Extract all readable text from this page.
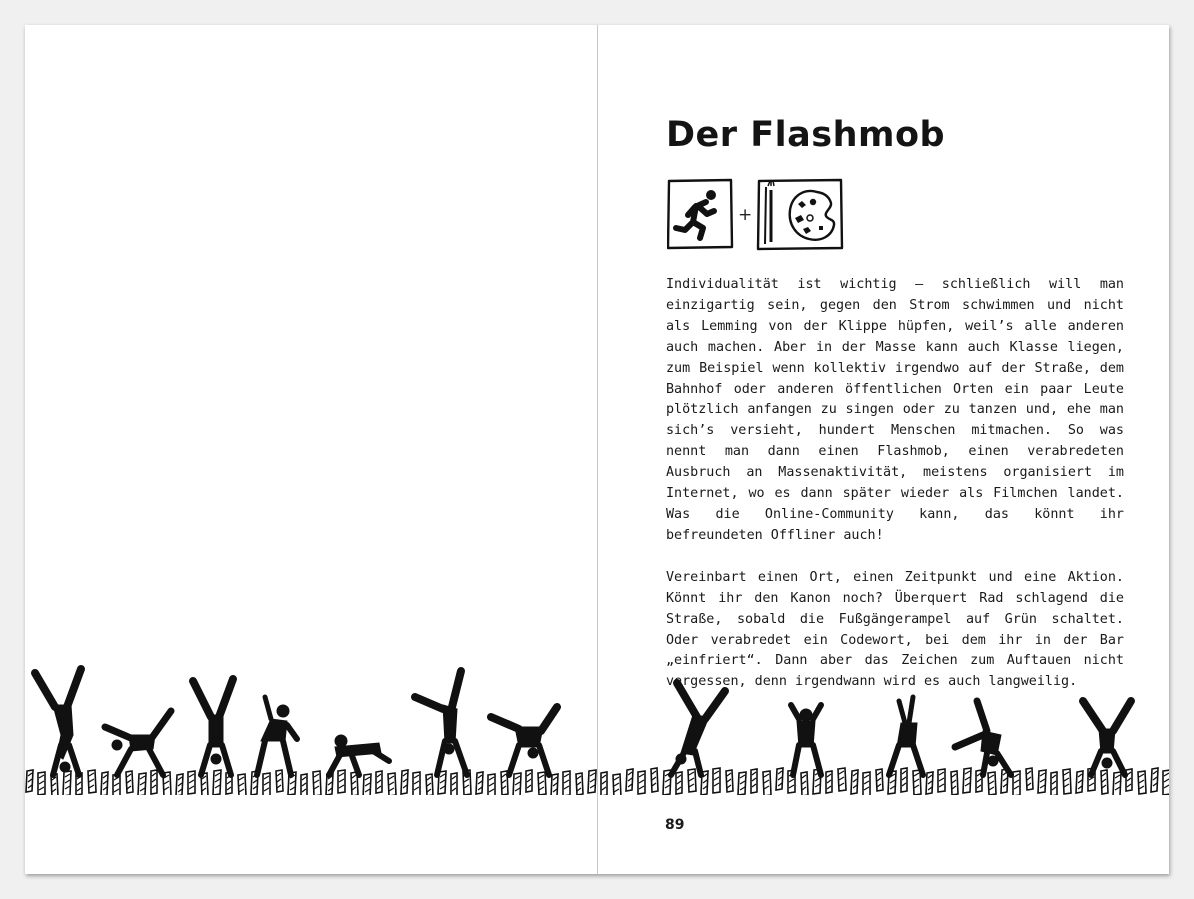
Der Flashmob
+

Individualität ist wichtig – schließlich will man einzigartig sein, gegen den Strom schwimmen und nicht als Lemming von der Klippe hüpfen, weil’s alle anderen auch machen. Aber in der Masse kann auch Klasse liegen, zum Beispiel wenn kollektiv irgendwo auf der Straße, dem Bahnhof oder anderen öffentlichen Orten ein paar Leute plötzlich anfangen zu singen oder zu tanzen und, ehe man sich’s versieht, hundert Menschen mitmachen. So was nennt man dann einen Flashmob, einen verabredeten Ausbruch an Massenaktivität, meistens organisiert im Internet, wo es dann später wieder als Filmchen landet. Was die Online-Community kann, das könnt ihr befreundeten Offliner auch!

Vereinbart einen Ort, einen Zeitpunkt und eine Aktion. Könnt ihr den Kanon noch? Überquert Rad schlagend die Straße, sobald die Fußgängerampel auf Grün schaltet. Oder verabredet ein Codewort, bei dem ihr in der Bar „einfriert“. Dann aber das Zeichen zum Auftauen nicht vergessen, denn irgendwann wird es auch langweilig.

89
